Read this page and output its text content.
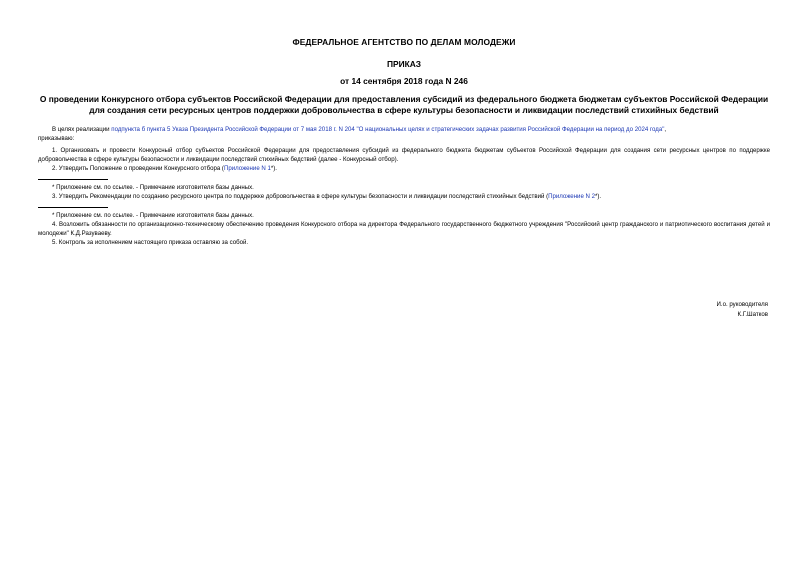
ФЕДЕРАЛЬНОЕ АГЕНТСТВО ПО ДЕЛАМ МОЛОДЕЖИ
ПРИКАЗ
от 14 сентября 2018 года N 246
О проведении Конкурсного отбора субъектов Российской Федерации для предоставления субсидий из федерального бюджета бюджетам субъектов Российской Федерации для создания сети ресурсных центров поддержки добровольчества в сфере культуры безопасности и ликвидации последствий стихийных бедствий

В целях реализации подпункта б пункта 5 Указа Президента Российской Федерации от 7 мая 2018 г. N 204 "О национальных целях и стратегических задачах развития Российской Федерации на период до 2024 года",

приказываю:

1. Организовать и провести Конкурсный отбор субъектов Российской Федерации для предоставления субсидий из федерального бюджета бюджетам субъектов Российской Федерации для создания сети ресурсных центров по поддержке добровольчества в сфере культуры безопасности и ликвидации последствий стихийных бедствий (далее - Конкурсный отбор).

2. Утвердить Положение о проведении Конкурсного отбора (Приложение N 1*).

* Приложение см. по ссылке. - Примечание изготовителя базы данных.

3. Утвердить Рекомендации по созданию ресурсного центра по поддержке добровольчества в сфере культуры безопасности и ликвидации последствий стихийных бедствий (Приложение N 2*).

* Приложение см. по ссылке. - Примечание изготовителя базы данных.

4. Возложить обязанности по организационно-техническому обеспечению проведения Конкурсного отбора на директора Федерального государственного бюджетного учреждения "Российский центр гражданского и патриотического воспитания детей и молодежи" К.Д.Разуваеву.

5. Контроль за исполнением настоящего приказа оставляю за собой.

И.о. руководителя
К.Г.Шатков
